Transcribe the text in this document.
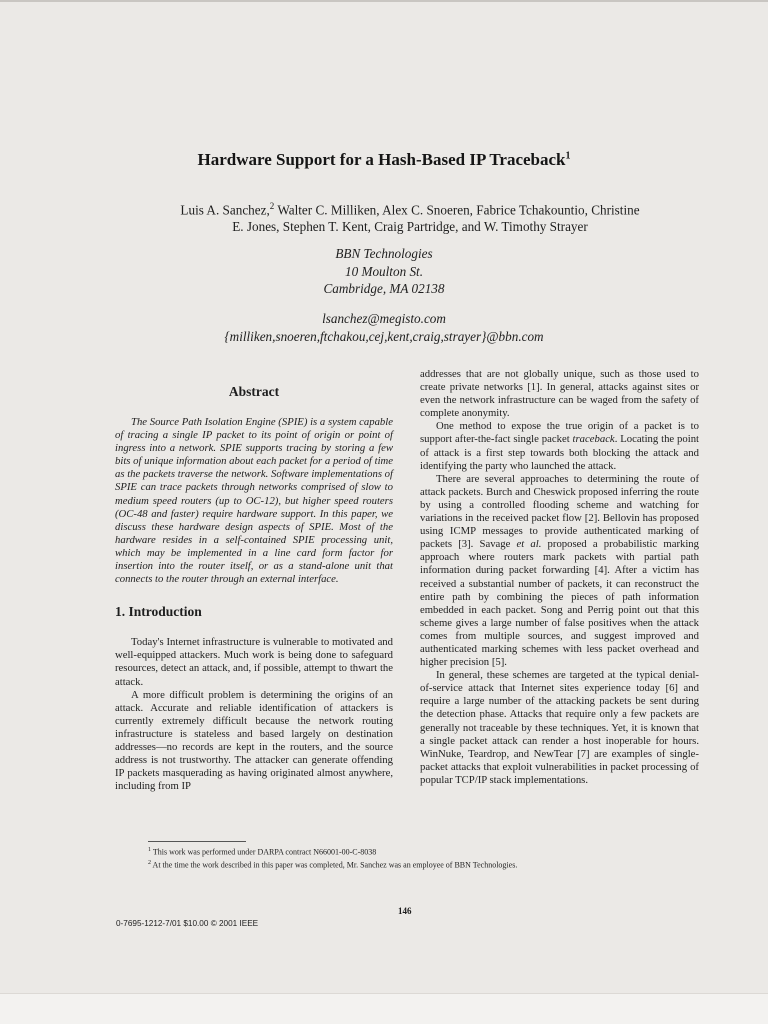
Hardware Support for a Hash-Based IP Traceback$^1$
Luis A. Sanchez,$^2$ Walter C. Milliken, Alex C. Snoeren, Fabrice Tchakountio, Christine
E. Jones, Stephen T. Kent, Craig Partridge, and W. Timothy Strayer
BBN Technologies
10 Moulton St.
Cambridge, MA 02138
lsanchez@megisto.com
{milliken,snoeren,ftchakou,cej,kent,craig,strayer}@bbn.com
Abstract

The Source Path Isolation Engine (SPIE) is a system capable of tracing a single IP packet to its point of origin or point of ingress into a network. SPIE supports tracing by storing a few bits of unique information about each packet for a period of time as the packets traverse the network. Software implementations of SPIE can trace packets through networks comprised of slow to medium speed routers (up to OC-12), but higher speed routers (OC-48 and faster) require hardware support. In this paper, we discuss these hardware design aspects of SPIE. Most of the hardware resides in a self-contained SPIE processing unit, which may be implemented in a line card form factor for insertion into the router itself, or as a stand-alone unit that connects to the router through an external interface.

1. Introduction

Today's Internet infrastructure is vulnerable to motivated and well-equipped attackers. Much work is being done to safeguard resources, detect an attack, and, if possible, attempt to thwart the attack.

A more difficult problem is determining the origins of an attack. Accurate and reliable identification of attackers is currently extremely difficult because the network routing infrastructure is stateless and based largely on destination addresses—no records are kept in the routers, and the source address is not trustworthy. The attacker can generate offending IP packets masquerading as having originated almost anywhere, including from IP

addresses that are not globally unique, such as those used to create private networks [1]. In general, attacks against sites or even the network infrastructure can be waged from the safety of complete anonymity.

One method to expose the true origin of a packet is to support after-the-fact single packet traceback. Locating the point of attack is a first step towards both blocking the attack and identifying the party who launched the attack.

There are several approaches to determining the route of attack packets. Burch and Cheswick proposed inferring the route by using a controlled flooding scheme and watching for variations in the received packet flow [2]. Bellovin has proposed using ICMP messages to provide authenticated marking of packets [3]. Savage et al. proposed a probabilistic marking approach where routers mark packets with partial path information during packet forwarding [4]. After a victim has received a substantial number of packets, it can reconstruct the entire path by combining the pieces of path information embedded in each packet. Song and Perrig point out that this scheme gives a large number of false positives when the attack comes from multiple sources, and suggest improved and authenticated marking schemes with less packet overhead and higher precision [5].

In general, these schemes are targeted at the typical denial-of-service attack that Internet sites experience today [6] and require a large number of the attacking packets be sent during the detection phase. Attacks that require only a few packets are generally not traceable by these techniques. Yet, it is known that a single packet attack can render a host inoperable for hours. WinNuke, Teardrop, and NewTear [7] are examples of single-packet attacks that exploit vulnerabilities in packet processing of popular TCP/IP stack implementations.

$^1$ This work was performed under DARPA contract N66001-00-C-8038
$^2$ At the time the work described in this paper was completed, Mr. Sanchez was an employee of BBN Technologies.
146
0-7695-1212-7/01 $10.00 © 2001 IEEE
